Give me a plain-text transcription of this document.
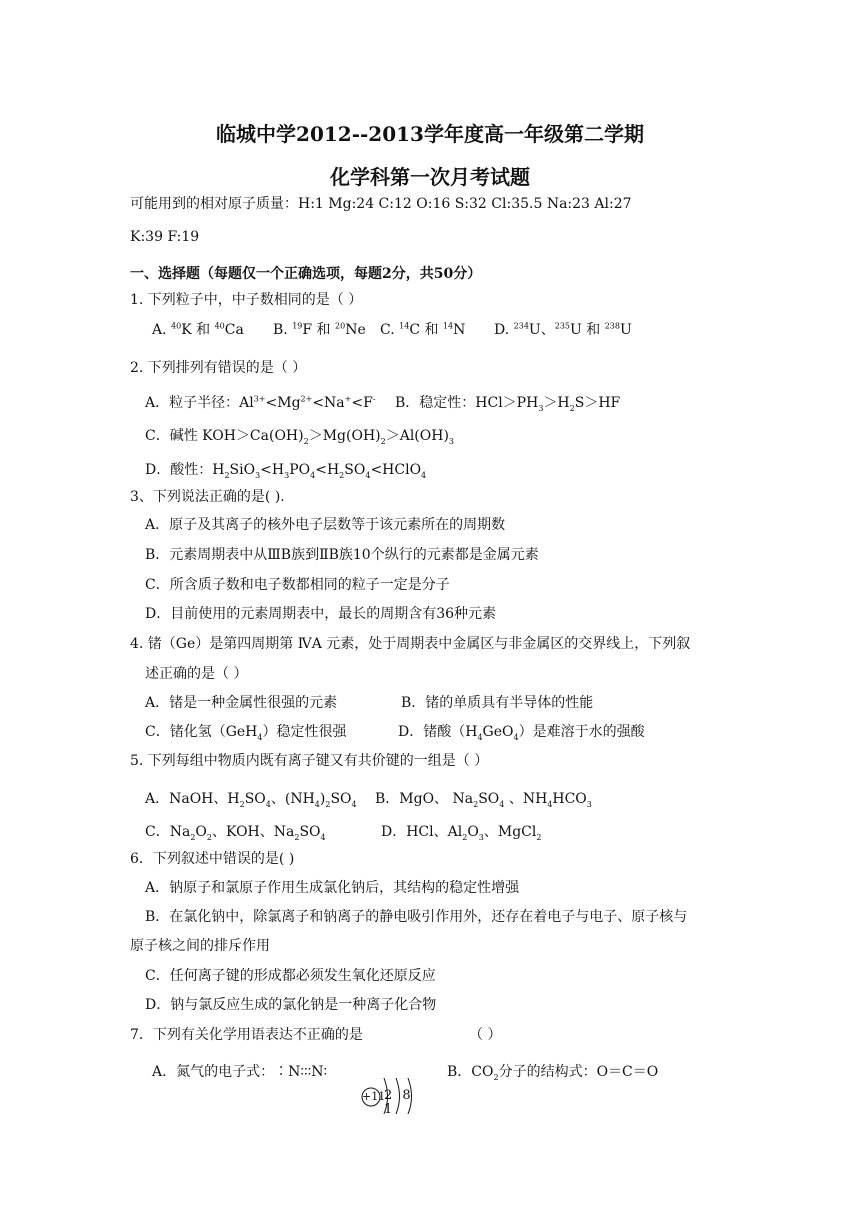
临城中学2012--2013学年度高一年级第二学期
化学科第一次月考试题
可能用到的相对原子质量：H:1 Mg:24 C:12 O:16 S:32 Cl:35.5 Na:23 Al:27
K:39 F:19
一、选择题（每题仅一个正确选项，每题2分，共50分）
1. 下列粒子中，中子数相同的是（ ）
A. $^{40}$K 和 $^{40}$Ca B. $^{19}$F 和 $^{20}$Ne C. $^{14}$C 和 $^{14}$N D. $^{234}$U、$^{235}$U 和 $^{238}$U
2. 下列排列有错误的是（ ）
A．粒子半径：$Al^{3+}<Mg^{2+}<Na^+<F^-$ B．稳定性：$HCl>PH_3>H_2S>HF$
C．碱性 $KOH>Ca(OH)_2>Mg(OH)_2>Al(OH)_3$
D．酸性：$H_2SiO_3<H_3PO_4<H_2SO_4<HClO_4$
3、下列说法正确的是( ).
A．原子及其离子的核外电子层数等于该元素所在的周期数
B．元素周期表中从ⅢB族到ⅡB族10个纵行的元素都是金属元素
C．所含质子数和电子数都相同的粒子一定是分子
D．目前使用的元素周期表中，最长的周期含有36种元素
4. 锗（Ge）是第四周期第 ⅣA 元素，处于周期表中金属区与非金属区的交界线上，下列叙
述正确的是（ ）
A．锗是一种金属性很强的元素	B．锗的单质具有半导体的性能
C．锗化氢（GeH$_4$）稳定性很强	D．锗酸$(H_4GeO_4)$是难溶于水的强酸
5. 下列每组中物质内既有离子键又有共价键的一组是（ ）
A．NaOH、$H_2SO_4$、$(NH_4)_2SO_4$ B．MgO、 $Na_2SO_4$ 、$NH_4HCO_3$
C．$Na_2O_2$、KOH、$Na_2SO_4$	D．HCl、$Al_2O_3$、MgCl$_2$
6．下列叙述中错误的是( )
A．钠原子和氯原子作用生成氯化钠后，其结构的稳定性增强
B．在氯化钠中，除氯离子和钠离子的静电吸引作用外，还存在着电子与电子、原子核与
原子核之间的排斥作用
C．任何离子键的形成都必须发生氧化还原反应
D．钠与氯反应生成的氯化钠是一种离子化合物
7．下列有关化学用语表达不正确的是	（ ）
A．氮气的电子式：∶N∶∶∶N∶	B．$CO_2$分子的结构式：O＝C＝O
+11
2 8 1
